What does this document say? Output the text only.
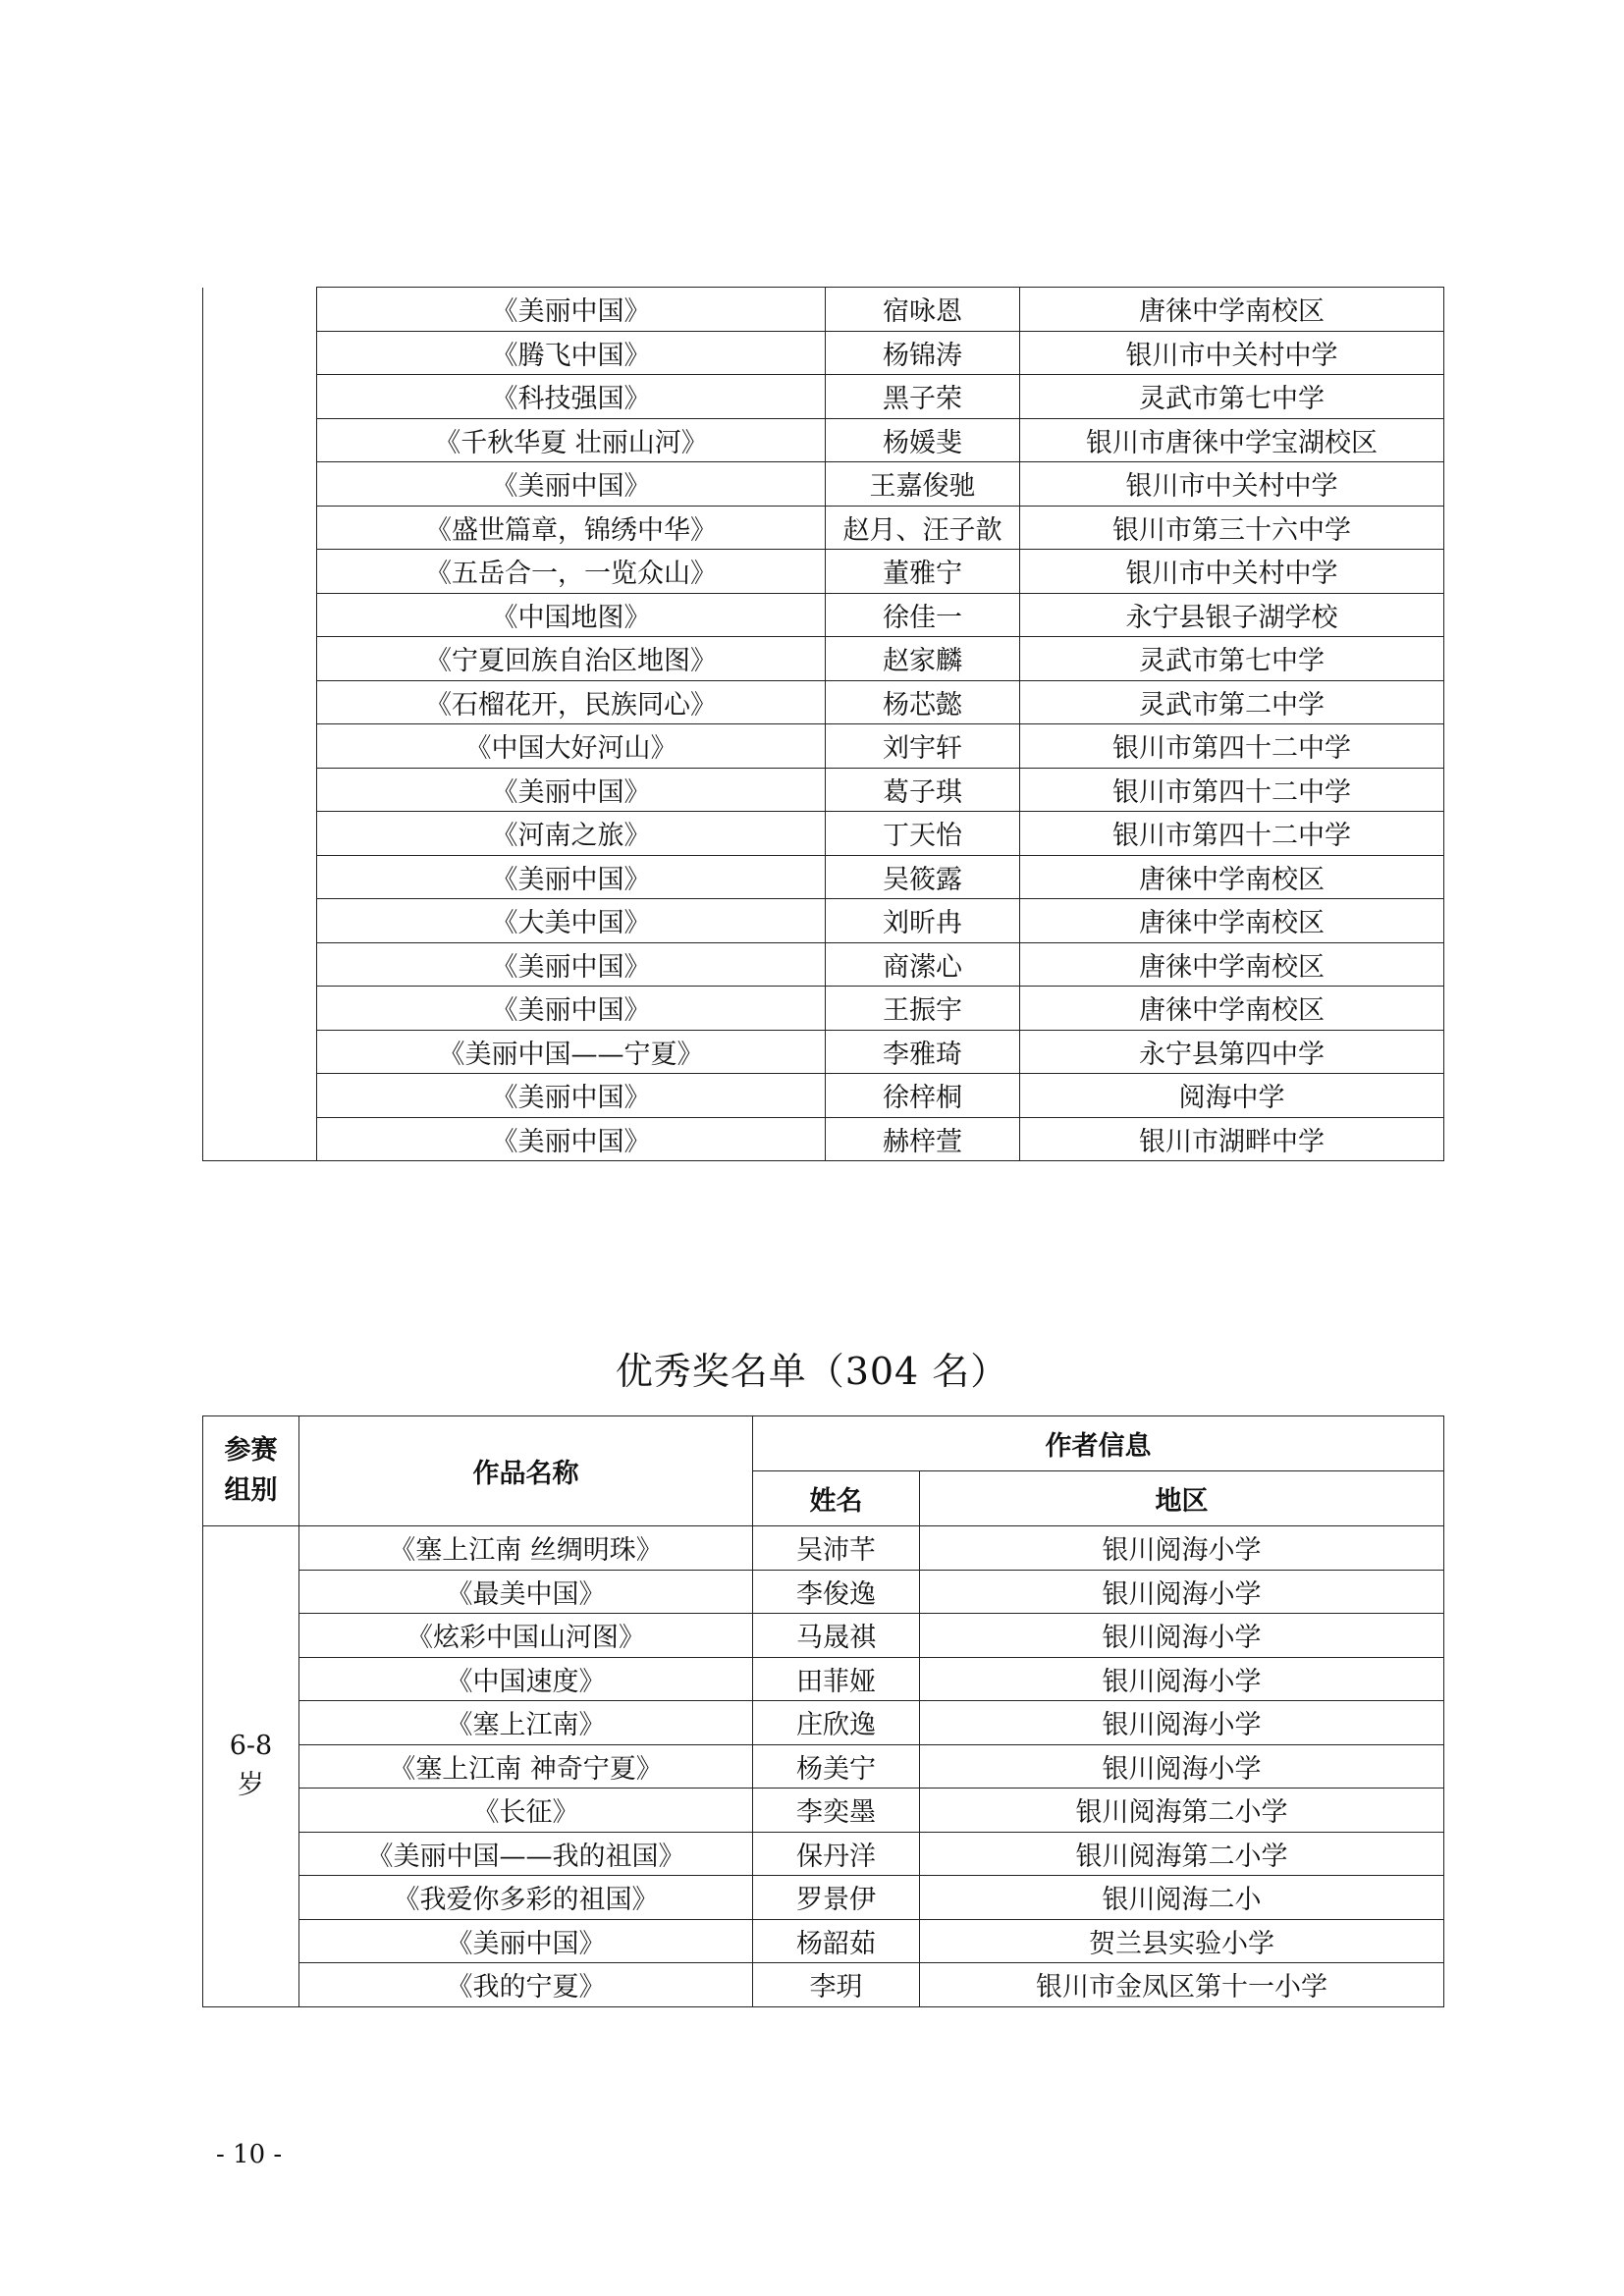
	《美丽中国》	宿咏恩	唐徕中学南校区
	《腾飞中国》	杨锦涛	银川市中关村中学
	《科技强国》	黑子荣	灵武市第七中学
	《千秋华夏 壮丽山河》	杨媛斐	银川市唐徕中学宝湖校区
	《美丽中国》	王嘉俊驰	银川市中关村中学
	《盛世篇章，锦绣中华》	赵月、汪子歆	银川市第三十六中学
	《五岳合一，一览众山》	董雅宁	银川市中关村中学
	《中国地图》	徐佳一	永宁县银子湖学校
	《宁夏回族自治区地图》	赵家麟	灵武市第七中学
	《石榴花开，民族同心》	杨芯懿	灵武市第二中学
	《中国大好河山》	刘宇轩	银川市第四十二中学
	《美丽中国》	葛子琪	银川市第四十二中学
	《河南之旅》	丁天怡	银川市第四十二中学
	《美丽中国》	吴筱露	唐徕中学南校区
	《大美中国》	刘昕冉	唐徕中学南校区
	《美丽中国》	商潆心	唐徕中学南校区
	《美丽中国》	王振宇	唐徕中学南校区
	《美丽中国——宁夏》	李雅琦	永宁县第四中学
	《美丽中国》	徐梓桐	阅海中学
	《美丽中国》	赫梓萱	银川市湖畔中学
优秀奖名单（304 名）
参赛
组别	作品名称	作者信息	
		姓名	地区
6-8
岁	《塞上江南 丝绸明珠》	吴沛芊	银川阅海小学
	《最美中国》	李俊逸	银川阅海小学
	《炫彩中国山河图》	马晟祺	银川阅海小学
	《中国速度》	田菲娅	银川阅海小学
	《塞上江南》	庄欣逸	银川阅海小学
	《塞上江南 神奇宁夏》	杨美宁	银川阅海小学
	《长征》	李奕墨	银川阅海第二小学
	《美丽中国——我的祖国》	保丹洋	银川阅海第二小学
	《我爱你多彩的祖国》	罗景伊	银川阅海二小
	《美丽中国》	杨韶茹	贺兰县实验小学
	《我的宁夏》	李玥	银川市金凤区第十一小学
- 10 -
